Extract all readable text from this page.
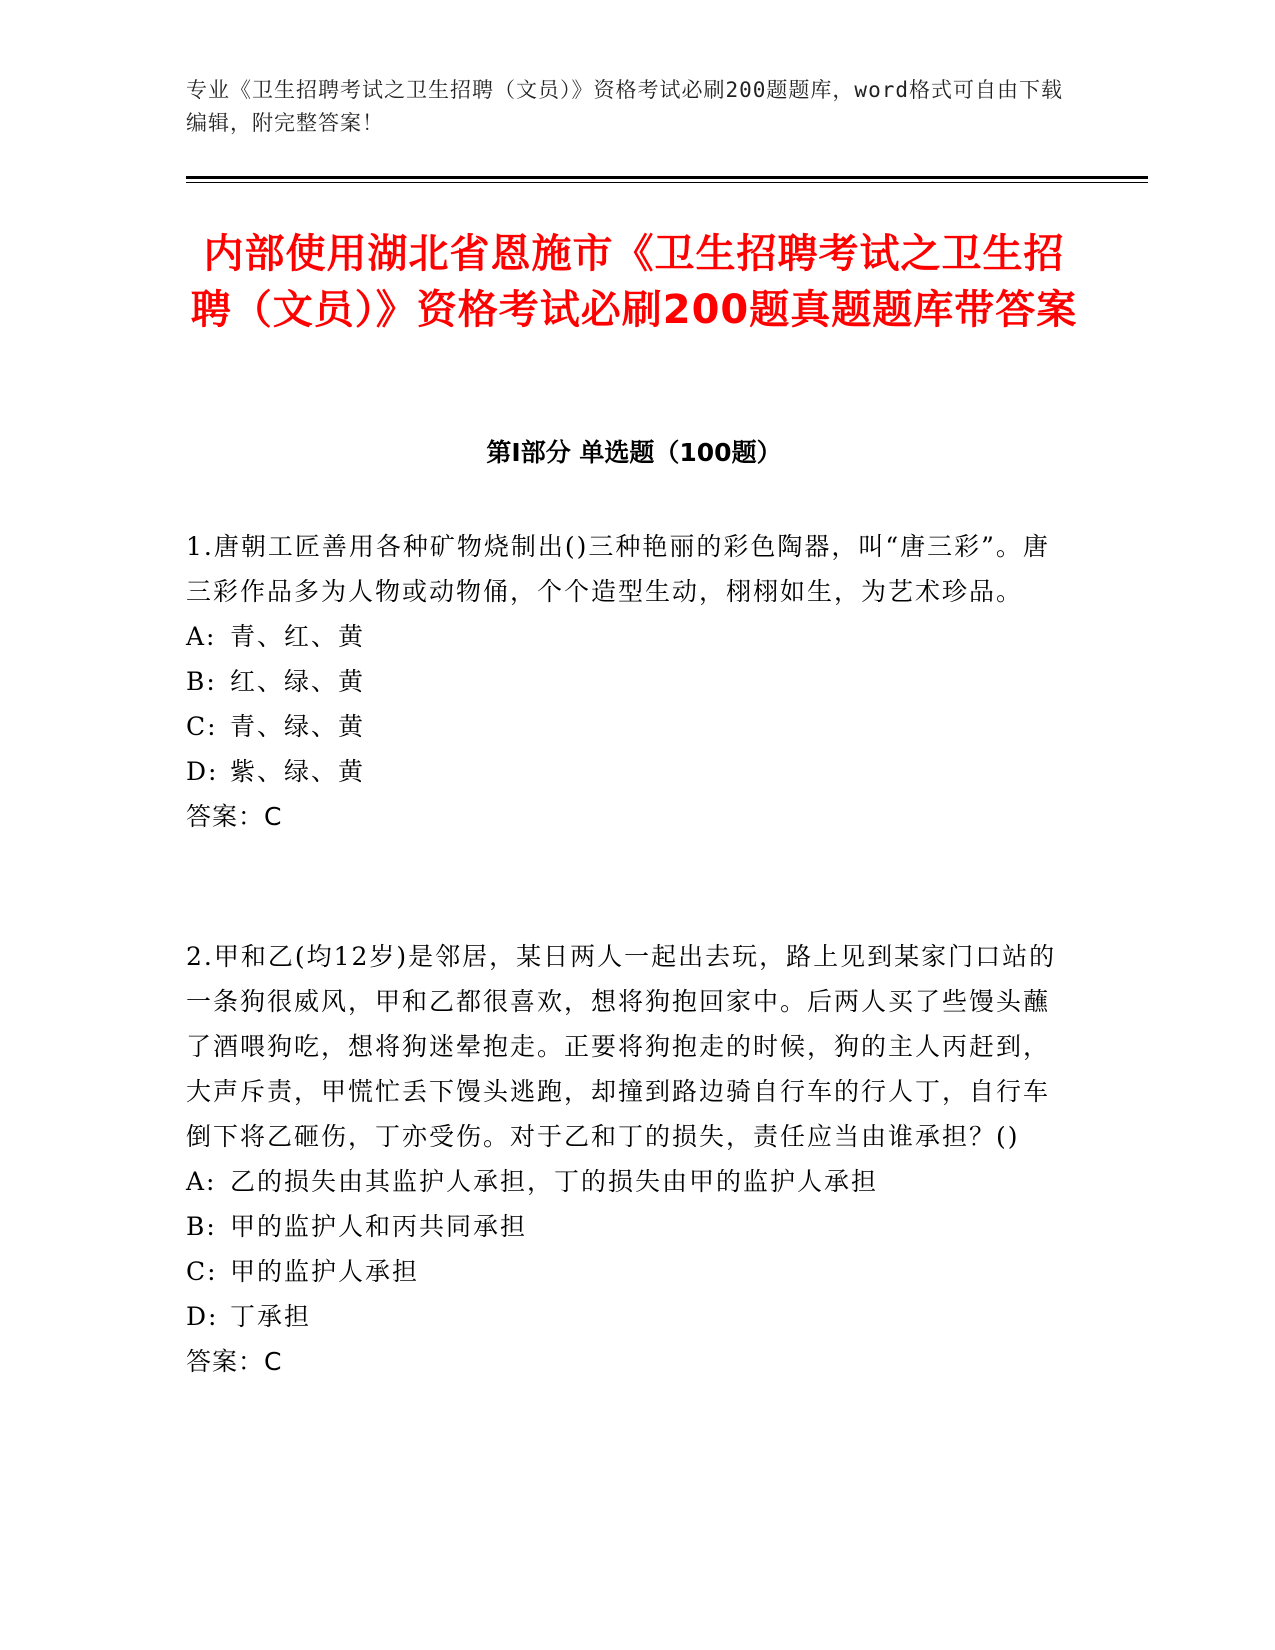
专业《卫生招聘考试之卫生招聘（文员）》资格考试必刷200题题库，word格式可自由下载编辑，附完整答案！
内部使用湖北省恩施市《卫生招聘考试之卫生招聘（文员）》资格考试必刷200题真题题库带答案
第Ⅰ部分 单选题（100题）

1.唐朝工匠善用各种矿物烧制出()三种艳丽的彩色陶器，叫“唐三彩”。唐三彩作品多为人物或动物俑，个个造型生动，栩栩如生，为艺术珍品。

A: 青、红、黄

B: 红、绿、黄

C: 青、绿、黄

D: 紫、绿、黄

答案：C

2.甲和乙(均12岁)是邻居，某日两人一起出去玩，路上见到某家门口站的一条狗很威风，甲和乙都很喜欢，想将狗抱回家中。后两人买了些馒头蘸了酒喂狗吃，想将狗迷晕抱走。正要将狗抱走的时候，狗的主人丙赶到，大声斥责，甲慌忙丢下馒头逃跑，却撞到路边骑自行车的行人丁，自行车倒下将乙砸伤，丁亦受伤。对于乙和丁的损失，责任应当由谁承担？()

A: 乙的损失由其监护人承担，丁的损失由甲的监护人承担

B: 甲的监护人和丙共同承担

C: 甲的监护人承担

D: 丁承担

答案：C
